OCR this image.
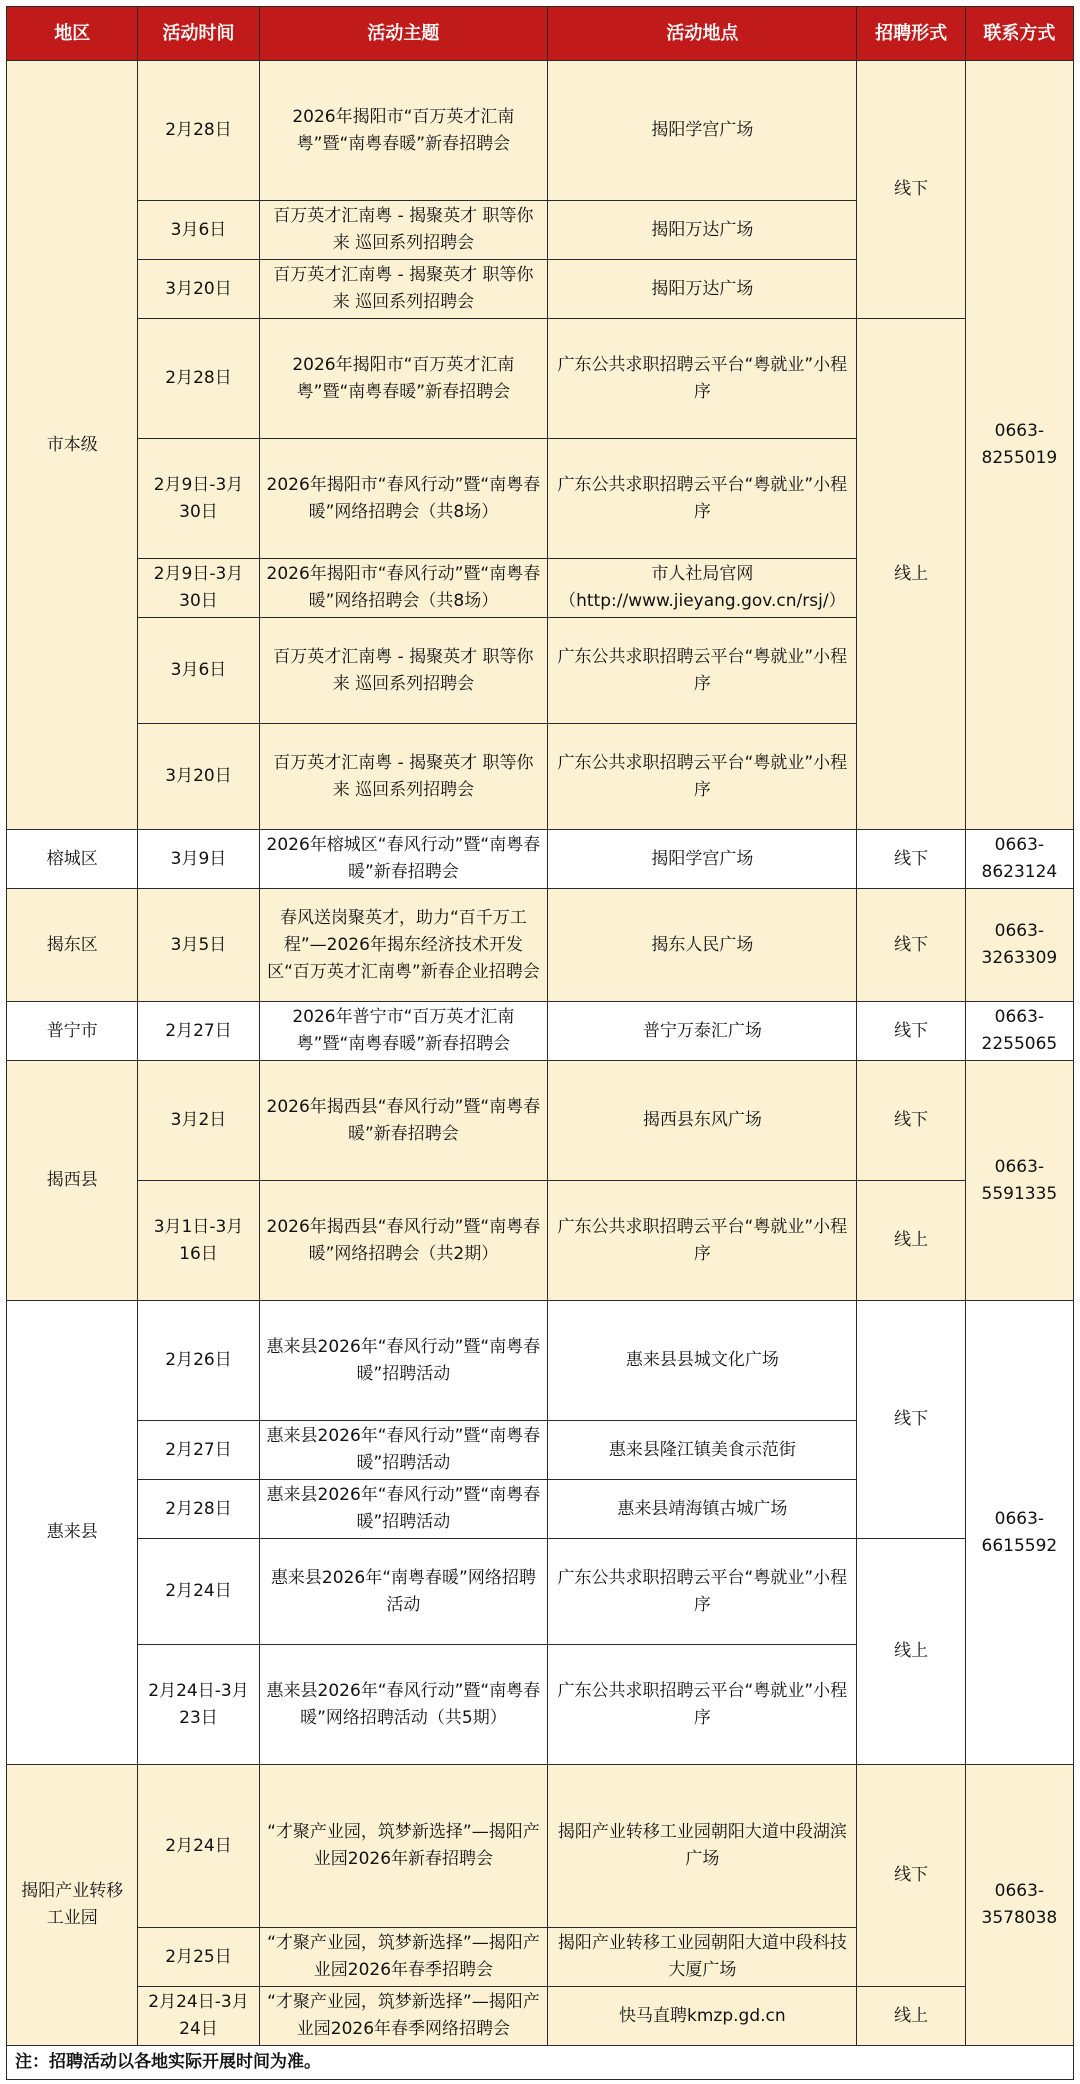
地区	活动时间	活动主题	活动地点	招聘形式	联系方式
市本级	2月28日	2026年揭阳市“百万英才汇南粤”暨“南粤春暖”新春招聘会	揭阳学宫广场	线下	0663-8255019
	3月6日	百万英才汇南粤 - 揭聚英才 职等你来 巡回系列招聘会	揭阳万达广场		
	3月20日	百万英才汇南粤 - 揭聚英才 职等你来 巡回系列招聘会	揭阳万达广场		
	2月28日	2026年揭阳市“百万英才汇南粤”暨“南粤春暖”新春招聘会	广东公共求职招聘云平台“粤就业”小程序	线上	
	2月9日-3月30日	2026年揭阳市“春风行动”暨“南粤春暖”网络招聘会（共8场）	广东公共求职招聘云平台“粤就业”小程序		
	2月9日-3月30日	2026年揭阳市“春风行动”暨“南粤春暖”网络招聘会（共8场）	市人社局官网（http://www.jieyang.gov.cn/rsj/）		
	3月6日	百万英才汇南粤 - 揭聚英才 职等你来 巡回系列招聘会	广东公共求职招聘云平台“粤就业”小程序		
	3月20日	百万英才汇南粤 - 揭聚英才 职等你来 巡回系列招聘会	广东公共求职招聘云平台“粤就业”小程序		
榕城区	3月9日	2026年榕城区“春风行动”暨“南粤春暖”新春招聘会	揭阳学宫广场	线下	0663-8623124
揭东区	3月5日	春风送岗聚英才，助力“百千万工程”—2026年揭东经济技术开发区“百万英才汇南粤”新春企业招聘会	揭东人民广场	线下	0663-3263309
普宁市	2月27日	2026年普宁市“百万英才汇南粤”暨“南粤春暖”新春招聘会	普宁万泰汇广场	线下	0663-2255065
揭西县	3月2日	2026年揭西县“春风行动”暨“南粤春暖”新春招聘会	揭西县东风广场	线下	0663-5591335
	3月1日-3月16日	2026年揭西县“春风行动”暨“南粤春暖”网络招聘会（共2期）	广东公共求职招聘云平台“粤就业”小程序	线上	
惠来县	2月26日	惠来县2026年“春风行动”暨“南粤春暖”招聘活动	惠来县县城文化广场	线下	0663-6615592
	2月27日	惠来县2026年“春风行动”暨“南粤春暖”招聘活动	惠来县隆江镇美食示范街		
	2月28日	惠来县2026年“春风行动”暨“南粤春暖”招聘活动	惠来县靖海镇古城广场		
	2月24日	惠来县2026年“南粤春暖”网络招聘活动	广东公共求职招聘云平台“粤就业”小程序	线上	
	2月24日-3月23日	惠来县2026年“春风行动”暨“南粤春暖”网络招聘活动（共5期）	广东公共求职招聘云平台“粤就业”小程序		
揭阳产业转移工业园	2月24日	“才聚产业园，筑梦新选择”—揭阳产业园2026年新春招聘会	揭阳产业转移工业园朝阳大道中段湖滨广场	线下	0663-3578038
	2月25日	“才聚产业园，筑梦新选择”—揭阳产业园2026年春季招聘会	揭阳产业转移工业园朝阳大道中段科技大厦广场		
	2月24日-3月24日	“才聚产业园，筑梦新选择”—揭阳产业园2026年春季网络招聘会	快马直聘kmzp.gd.cn	线上	
注：招聘活动以各地实际开展时间为准。
